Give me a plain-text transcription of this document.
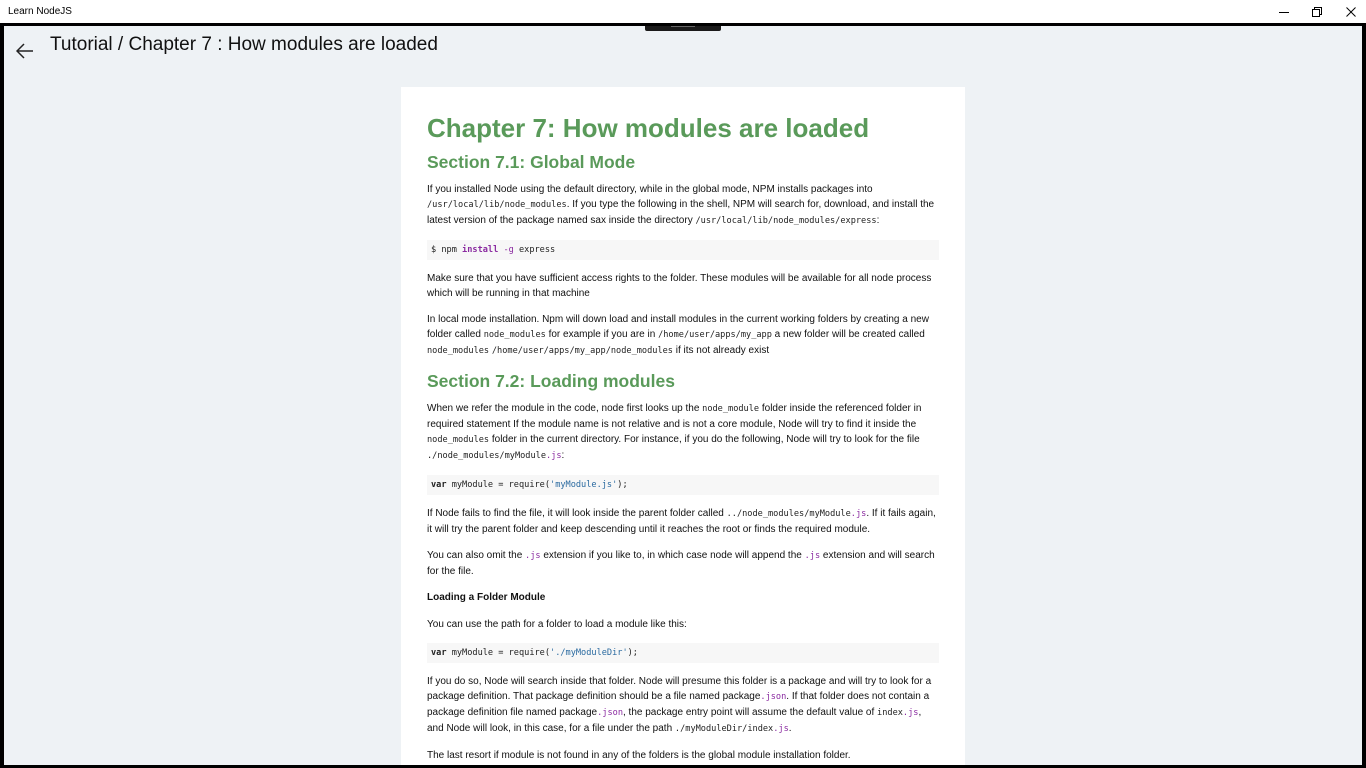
Learn NodeJS
Tutorial / Chapter 7 : How modules are loaded
Chapter 7: How modules are loaded
Section 7.1: Global Mode

If you installed Node using the default directory, while in the global mode, NPM installs packages into
/usr/local/lib/node_modules. If you type the following in the shell, NPM will search for, download, and install the latest version of the package named sax inside the directory /usr/local/lib/node_modules/express:

$ npm install -g express

Make sure that you have sufficient access rights to the folder. These modules will be available for all node process which will be running in that machine

In local mode installation. Npm will down load and install modules in the current working folders by creating a new folder called node_modules for example if you are in /home/user/apps/my_app a new folder will be created called
node_modules /home/user/apps/my_app/node_modules if its not already exist

Section 7.2: Loading modules

When we refer the module in the code, node first looks up the node_module folder inside the referenced folder in required statement If the module name is not relative and is not a core module, Node will try to find it inside the node_modules folder in the current directory. For instance, if you do the following, Node will try to look for the file
./node_modules/myModule.js:

var myModule = require('myModule.js');

If Node fails to find the file, it will look inside the parent folder called ../node_modules/myModule.js. If it fails again, it will try the parent folder and keep descending until it reaches the root or finds the required module.

You can also omit the .js extension if you like to, in which case node will append the .js extension and will search for the file.

Loading a Folder Module

You can use the path for a folder to load a module like this:

var myModule = require('./myModuleDir');

If you do so, Node will search inside that folder. Node will presume this folder is a package and will try to look for a package definition. That package definition should be a file named package.json. If that folder does not contain a package definition file named package.json, the package entry point will assume the default value of index.js, and Node will look, in this case, for a file under the path ./myModuleDir/index.js.

The last resort if module is not found in any of the folders is the global module installation folder.
